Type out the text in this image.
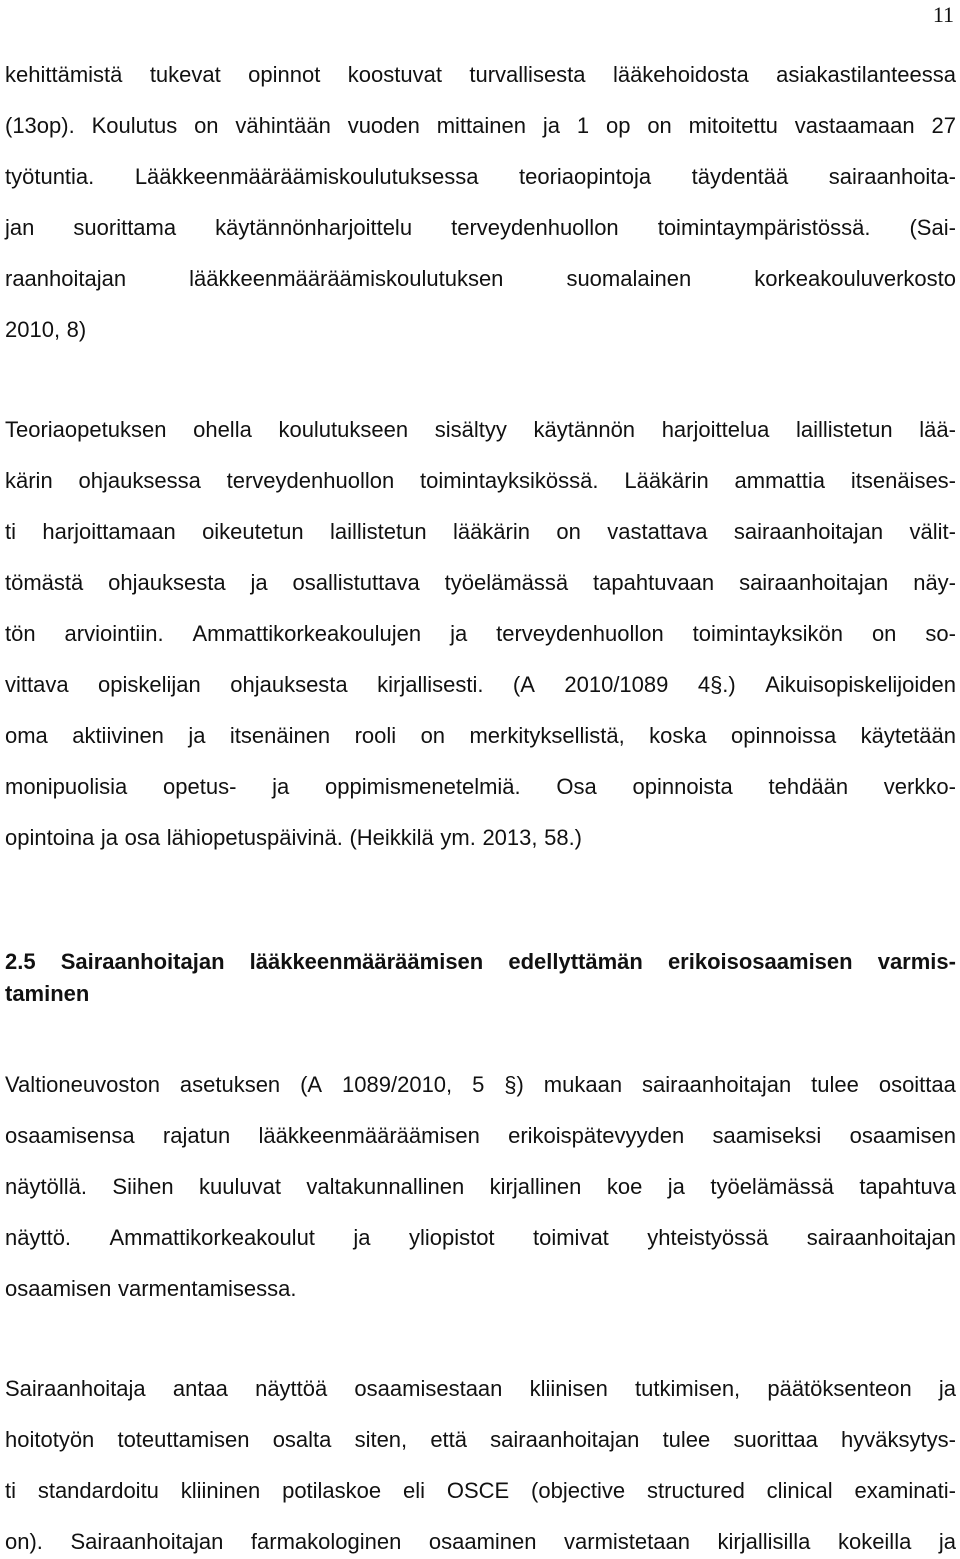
11
kehittämistä tukevat opinnot koostuvat turvallisesta lääkehoidosta asiakastilanteessa
(13op). Koulutus on vähintään vuoden mittainen ja 1 op on mitoitettu vastaamaan 27
työtuntia. Lääkkeenmääräämiskoulutuksessa teoriaopintoja täydentää sairaanhoita-
jan suorittama käytännönharjoittelu terveydenhuollon toimintaympäristössä. (Sai-
raanhoitajan	lääkkeenmääräämiskoulutuksen	suomalainen	korkeakouluverkosto
2010, 8)
Teoriaopetuksen ohella koulutukseen sisältyy käytännön harjoittelua laillistetun lää-
kärin ohjauksessa terveydenhuollon toimintayksikössä. Lääkärin ammattia itsenäises-
ti harjoittamaan oikeutetun laillistetun lääkärin on vastattava sairaanhoitajan välit-
tömästä ohjauksesta ja osallistuttava työelämässä tapahtuvaan sairaanhoitajan näy-
tön arviointiin. Ammattikorkeakoulujen ja terveydenhuollon toimintayksikön on so-
vittava opiskelijan ohjauksesta kirjallisesti. (A 2010/1089 4§.) Aikuisopiskelijoiden
oma aktiivinen ja itsenäinen rooli on merkityksellistä, koska opinnoissa käytetään
monipuolisia opetus- ja oppimismenetelmiä. Osa opinnoista tehdään verkko-
opintoina ja osa lähiopetuspäivinä. (Heikkilä ym. 2013, 58.)
2.5 Sairaanhoitajan lääkkeenmääräämisen edellyttämän erikoisosaamisen varmis-
taminen
Valtioneuvoston asetuksen (A 1089/2010, 5 §) mukaan sairaanhoitajan tulee osoittaa
osaamisensa rajatun lääkkeenmääräämisen erikoispätevyyden saamiseksi osaamisen
näytöllä. Siihen kuuluvat valtakunnallinen kirjallinen koe ja työelämässä tapahtuva
näyttö. Ammattikorkeakoulut ja yliopistot toimivat yhteistyössä sairaanhoitajan
osaamisen varmentamisessa.
Sairaanhoitaja antaa näyttöä osaamisestaan kliinisen tutkimisen, päätöksenteon ja
hoitotyön toteuttamisen osalta siten, että sairaanhoitajan tulee suorittaa hyväksytys-
ti standardoitu kliininen potilaskoe eli OSCE (objective structured clinical examinati-
on). Sairaanhoitajan farmakologinen osaaminen varmistetaan kirjallisilla kokeilla ja
